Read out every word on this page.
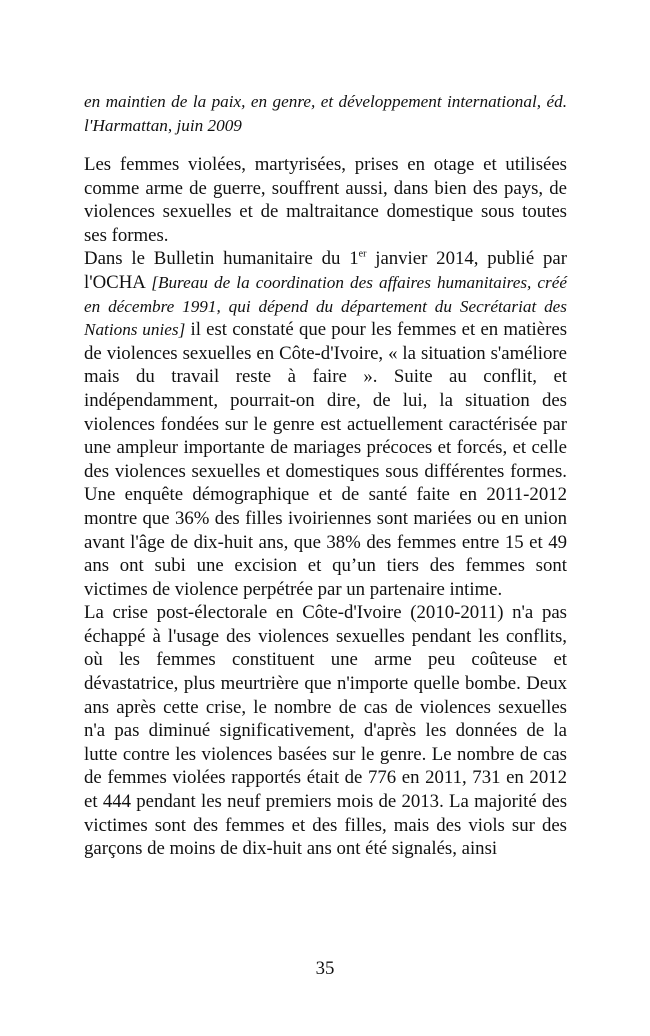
en maintien de la paix, en genre, et développement international, éd. l'Harmattan, juin 2009

Les femmes violées, martyrisées, prises en otage et utilisées comme arme de guerre, souffrent aussi, dans bien des pays, de violences sexuelles et de maltraitance domestique sous toutes ses formes.

Dans le Bulletin humanitaire du 1er janvier 2014, publié par l'OCHA [Bureau de la coordination des affaires humanitaires, créé en décembre 1991, qui dépend du département du Secrétariat des Nations unies] il est constaté que pour les femmes et en matières de violences sexuelles en Côte-d'Ivoire, « la situation s'améliore mais du travail reste à faire ». Suite au conflit, et indépendamment, pourrait-on dire, de lui, la situation des violences fondées sur le genre est actuellement caractérisée par une ampleur importante de mariages précoces et forcés, et celle des violences sexuelles et domestiques sous différentes formes. Une enquête démographique et de santé faite en 2011-2012 montre que 36% des filles ivoiriennes sont mariées ou en union avant l'âge de dix-huit ans, que 38% des femmes entre 15 et 49 ans ont subi une excision et qu’un tiers des femmes sont victimes de violence perpétrée par un partenaire intime.

La crise post-électorale en Côte-d'Ivoire (2010-2011) n'a pas échappé à l'usage des violences sexuelles pendant les conflits, où les femmes constituent une arme peu coûteuse et dévastatrice, plus meurtrière que n'importe quelle bombe. Deux ans après cette crise, le nombre de cas de violences sexuelles n'a pas diminué significativement, d'après les données de la lutte contre les violences basées sur le genre. Le nombre de cas de femmes violées rapportés était de 776 en 2011, 731 en 2012 et 444 pendant les neuf premiers mois de 2013. La majorité des victimes sont des femmes et des filles, mais des viols sur des garçons de moins de dix-huit ans ont été signalés, ainsi

35
